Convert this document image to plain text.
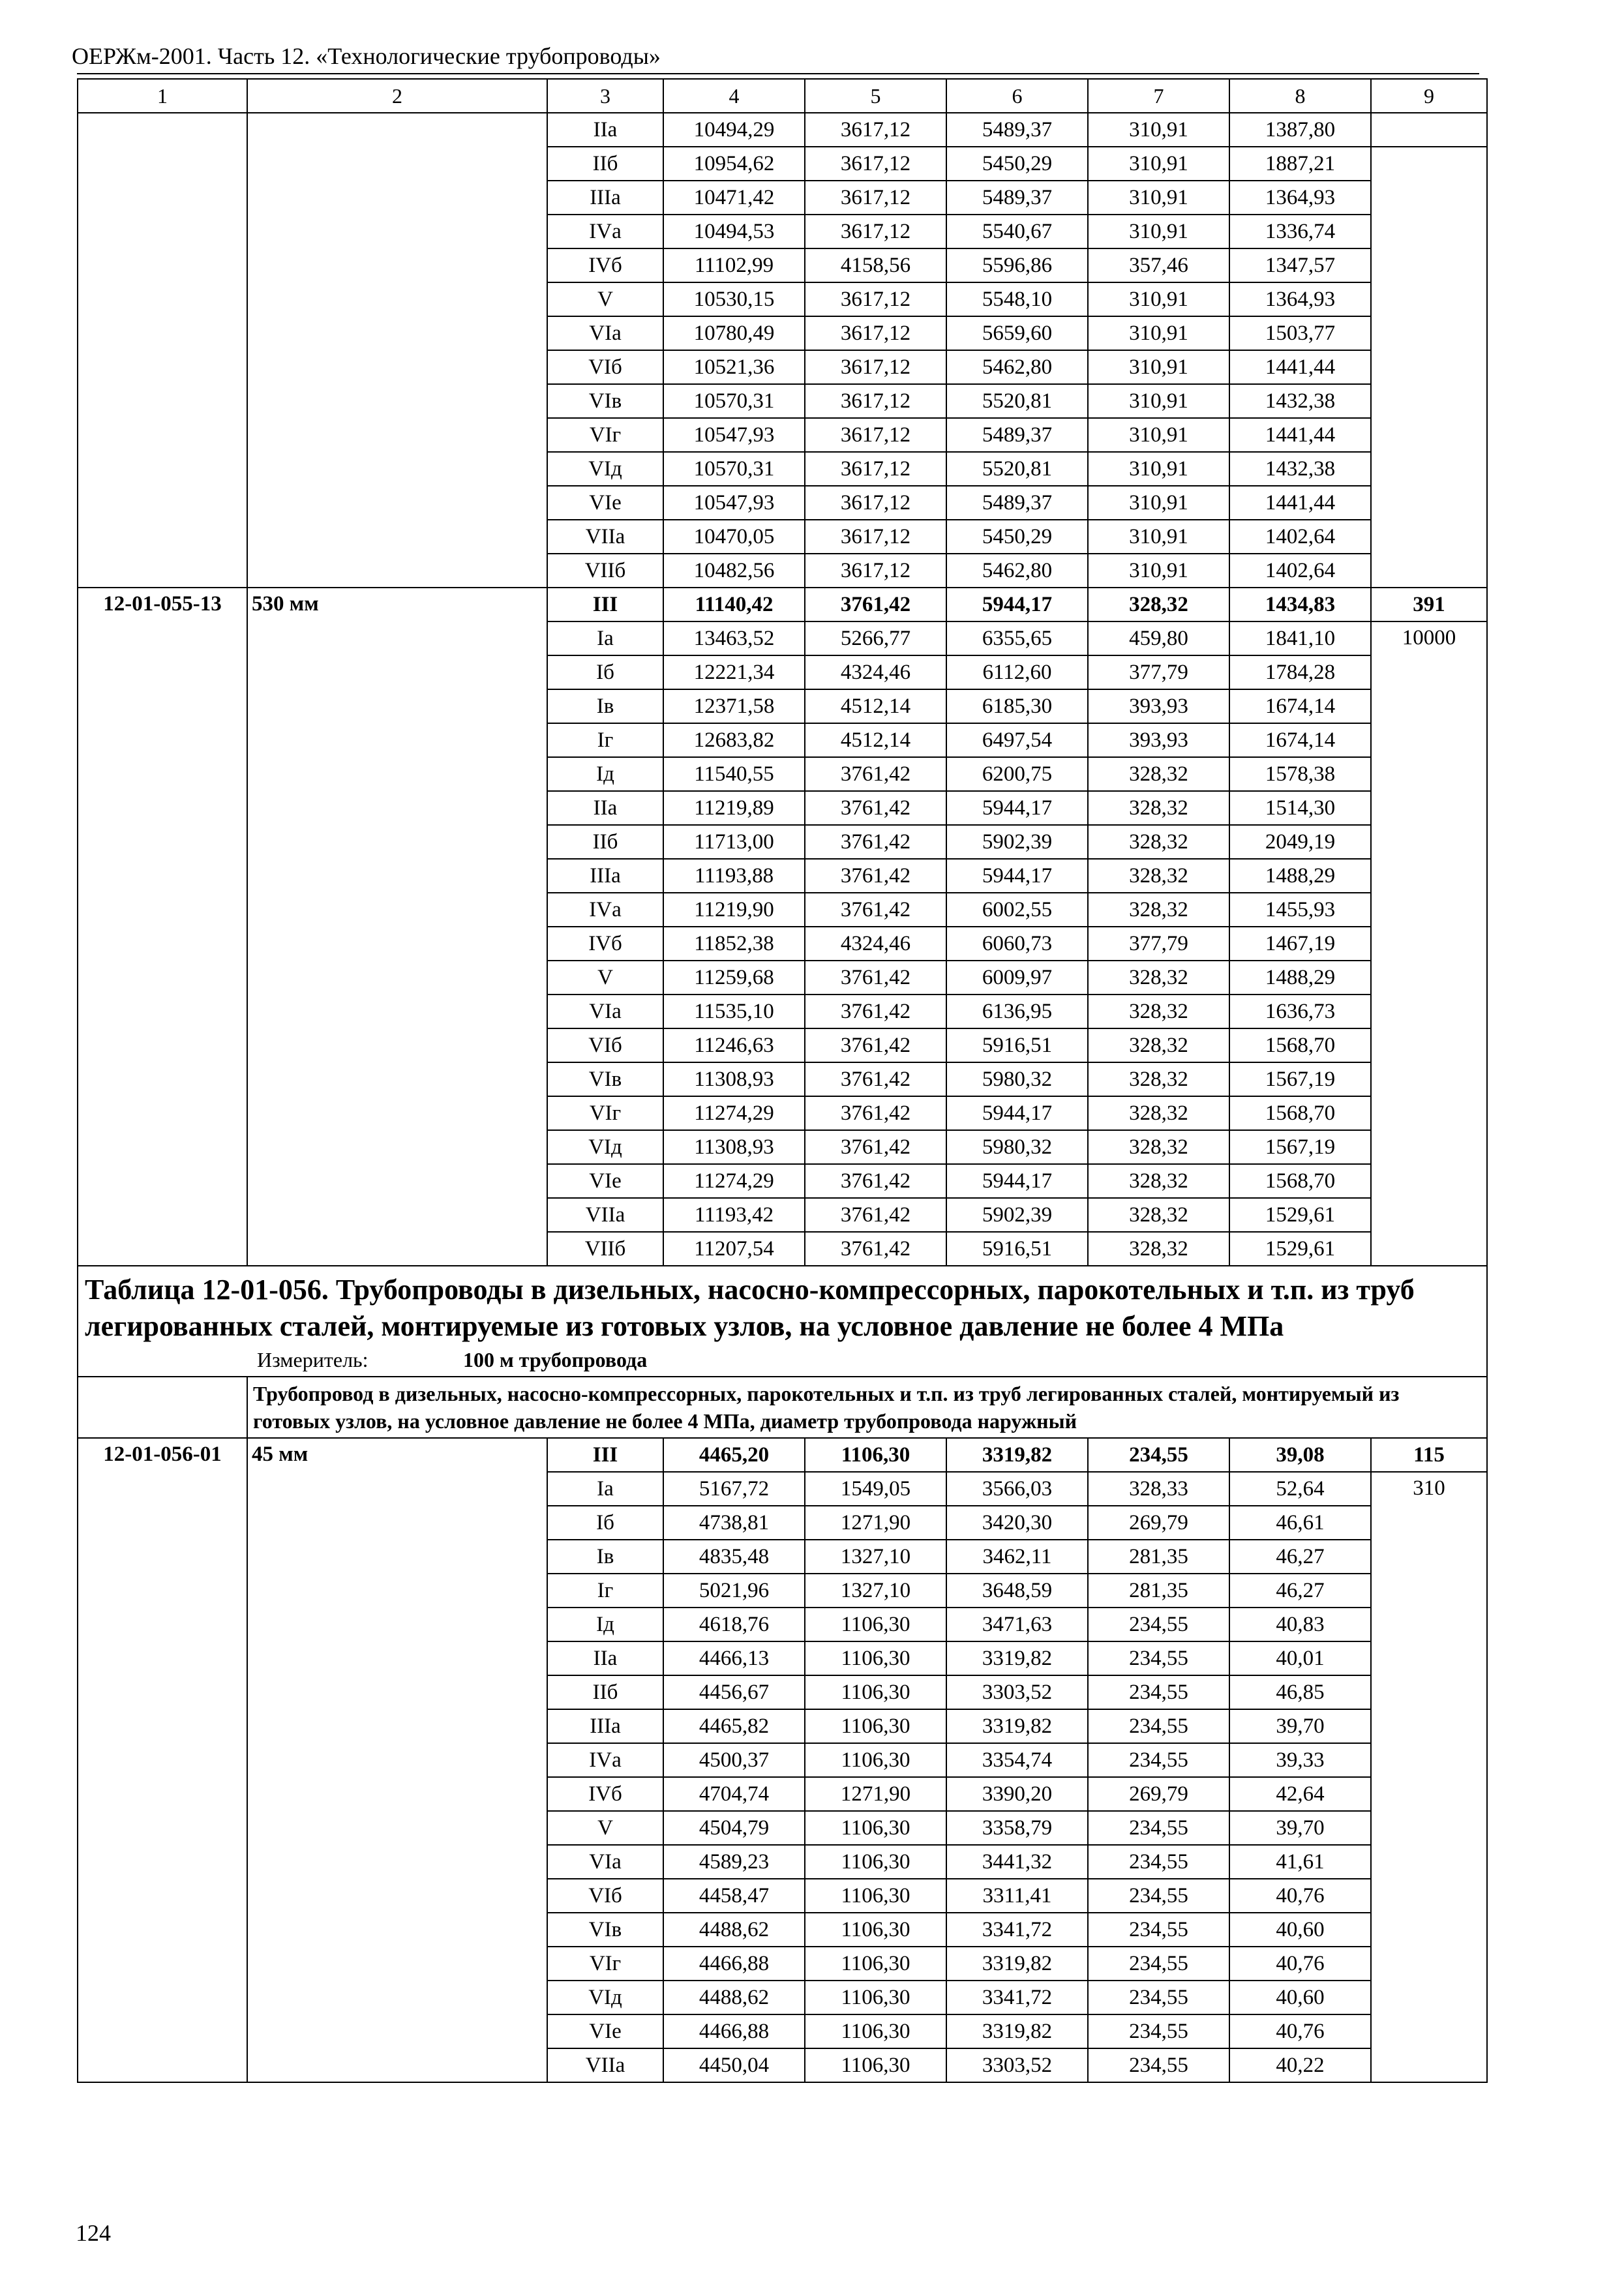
ОЕРЖм-2001. Часть 12. «Технологические трубопроводы»
1	2	3	4	5	6	7	8	9
		IIа	10494,29	3617,12	5489,37	310,91	1387,80	
		IIб	10954,62	3617,12	5450,29	310,91	1887,21	
		IIIа	10471,42	3617,12	5489,37	310,91	1364,93	
		IVа	10494,53	3617,12	5540,67	310,91	1336,74	
		IVб	11102,99	4158,56	5596,86	357,46	1347,57	
		V	10530,15	3617,12	5548,10	310,91	1364,93	
		VIа	10780,49	3617,12	5659,60	310,91	1503,77	
		VIб	10521,36	3617,12	5462,80	310,91	1441,44	
		VIв	10570,31	3617,12	5520,81	310,91	1432,38	
		VIг	10547,93	3617,12	5489,37	310,91	1441,44	
		VIд	10570,31	3617,12	5520,81	310,91	1432,38	
		VIе	10547,93	3617,12	5489,37	310,91	1441,44	
		VIIа	10470,05	3617,12	5450,29	310,91	1402,64	
		VIIб	10482,56	3617,12	5462,80	310,91	1402,64	
12-01-055-13	530 мм	III	11140,42	3761,42	5944,17	328,32	1434,83	391
		Iа	13463,52	5266,77	6355,65	459,80	1841,10	10000
		Iб	12221,34	4324,46	6112,60	377,79	1784,28	
		Iв	12371,58	4512,14	6185,30	393,93	1674,14	
		Iг	12683,82	4512,14	6497,54	393,93	1674,14	
		Iд	11540,55	3761,42	6200,75	328,32	1578,38	
		IIа	11219,89	3761,42	5944,17	328,32	1514,30	
		IIб	11713,00	3761,42	5902,39	328,32	2049,19	
		IIIа	11193,88	3761,42	5944,17	328,32	1488,29	
		IVа	11219,90	3761,42	6002,55	328,32	1455,93	
		IVб	11852,38	4324,46	6060,73	377,79	1467,19	
		V	11259,68	3761,42	6009,97	328,32	1488,29	
		VIа	11535,10	3761,42	6136,95	328,32	1636,73	
		VIб	11246,63	3761,42	5916,51	328,32	1568,70	
		VIв	11308,93	3761,42	5980,32	328,32	1567,19	
		VIг	11274,29	3761,42	5944,17	328,32	1568,70	
		VIд	11308,93	3761,42	5980,32	328,32	1567,19	
		VIе	11274,29	3761,42	5944,17	328,32	1568,70	
		VIIа	11193,42	3761,42	5902,39	328,32	1529,61	
		VIIб	11207,54	3761,42	5916,51	328,32	1529,61	

Таблица 12-01-056. Трубопроводы в дизельных, насосно-компрессорных, парокотельных и т.п. из труб легированных сталей, монтируемые из готовых узлов, на условное давление не более 4 МПа
Измеритель: 100 м трубопровода								

	Трубопровод в дизельных, насосно-компрессорных, парокотельных и т.п. из труб легированных сталей, монтируемый из готовых узлов, на условное давление не более 4 МПа, диаметр трубопровода наружный							
12-01-056-01	45 мм	III	4465,20	1106,30	3319,82	234,55	39,08	115
		Iа	5167,72	1549,05	3566,03	328,33	52,64	310
		Iб	4738,81	1271,90	3420,30	269,79	46,61	
		Iв	4835,48	1327,10	3462,11	281,35	46,27	
		Iг	5021,96	1327,10	3648,59	281,35	46,27	
		Iд	4618,76	1106,30	3471,63	234,55	40,83	
		IIа	4466,13	1106,30	3319,82	234,55	40,01	
		IIб	4456,67	1106,30	3303,52	234,55	46,85	
		IIIа	4465,82	1106,30	3319,82	234,55	39,70	
		IVа	4500,37	1106,30	3354,74	234,55	39,33	
		IVб	4704,74	1271,90	3390,20	269,79	42,64	
		V	4504,79	1106,30	3358,79	234,55	39,70	
		VIа	4589,23	1106,30	3441,32	234,55	41,61	
		VIб	4458,47	1106,30	3311,41	234,55	40,76	
		VIв	4488,62	1106,30	3341,72	234,55	40,60	
		VIг	4466,88	1106,30	3319,82	234,55	40,76	
		VIд	4488,62	1106,30	3341,72	234,55	40,60	
		VIе	4466,88	1106,30	3319,82	234,55	40,76	
		VIIа	4450,04	1106,30	3303,52	234,55	40,22	
124
